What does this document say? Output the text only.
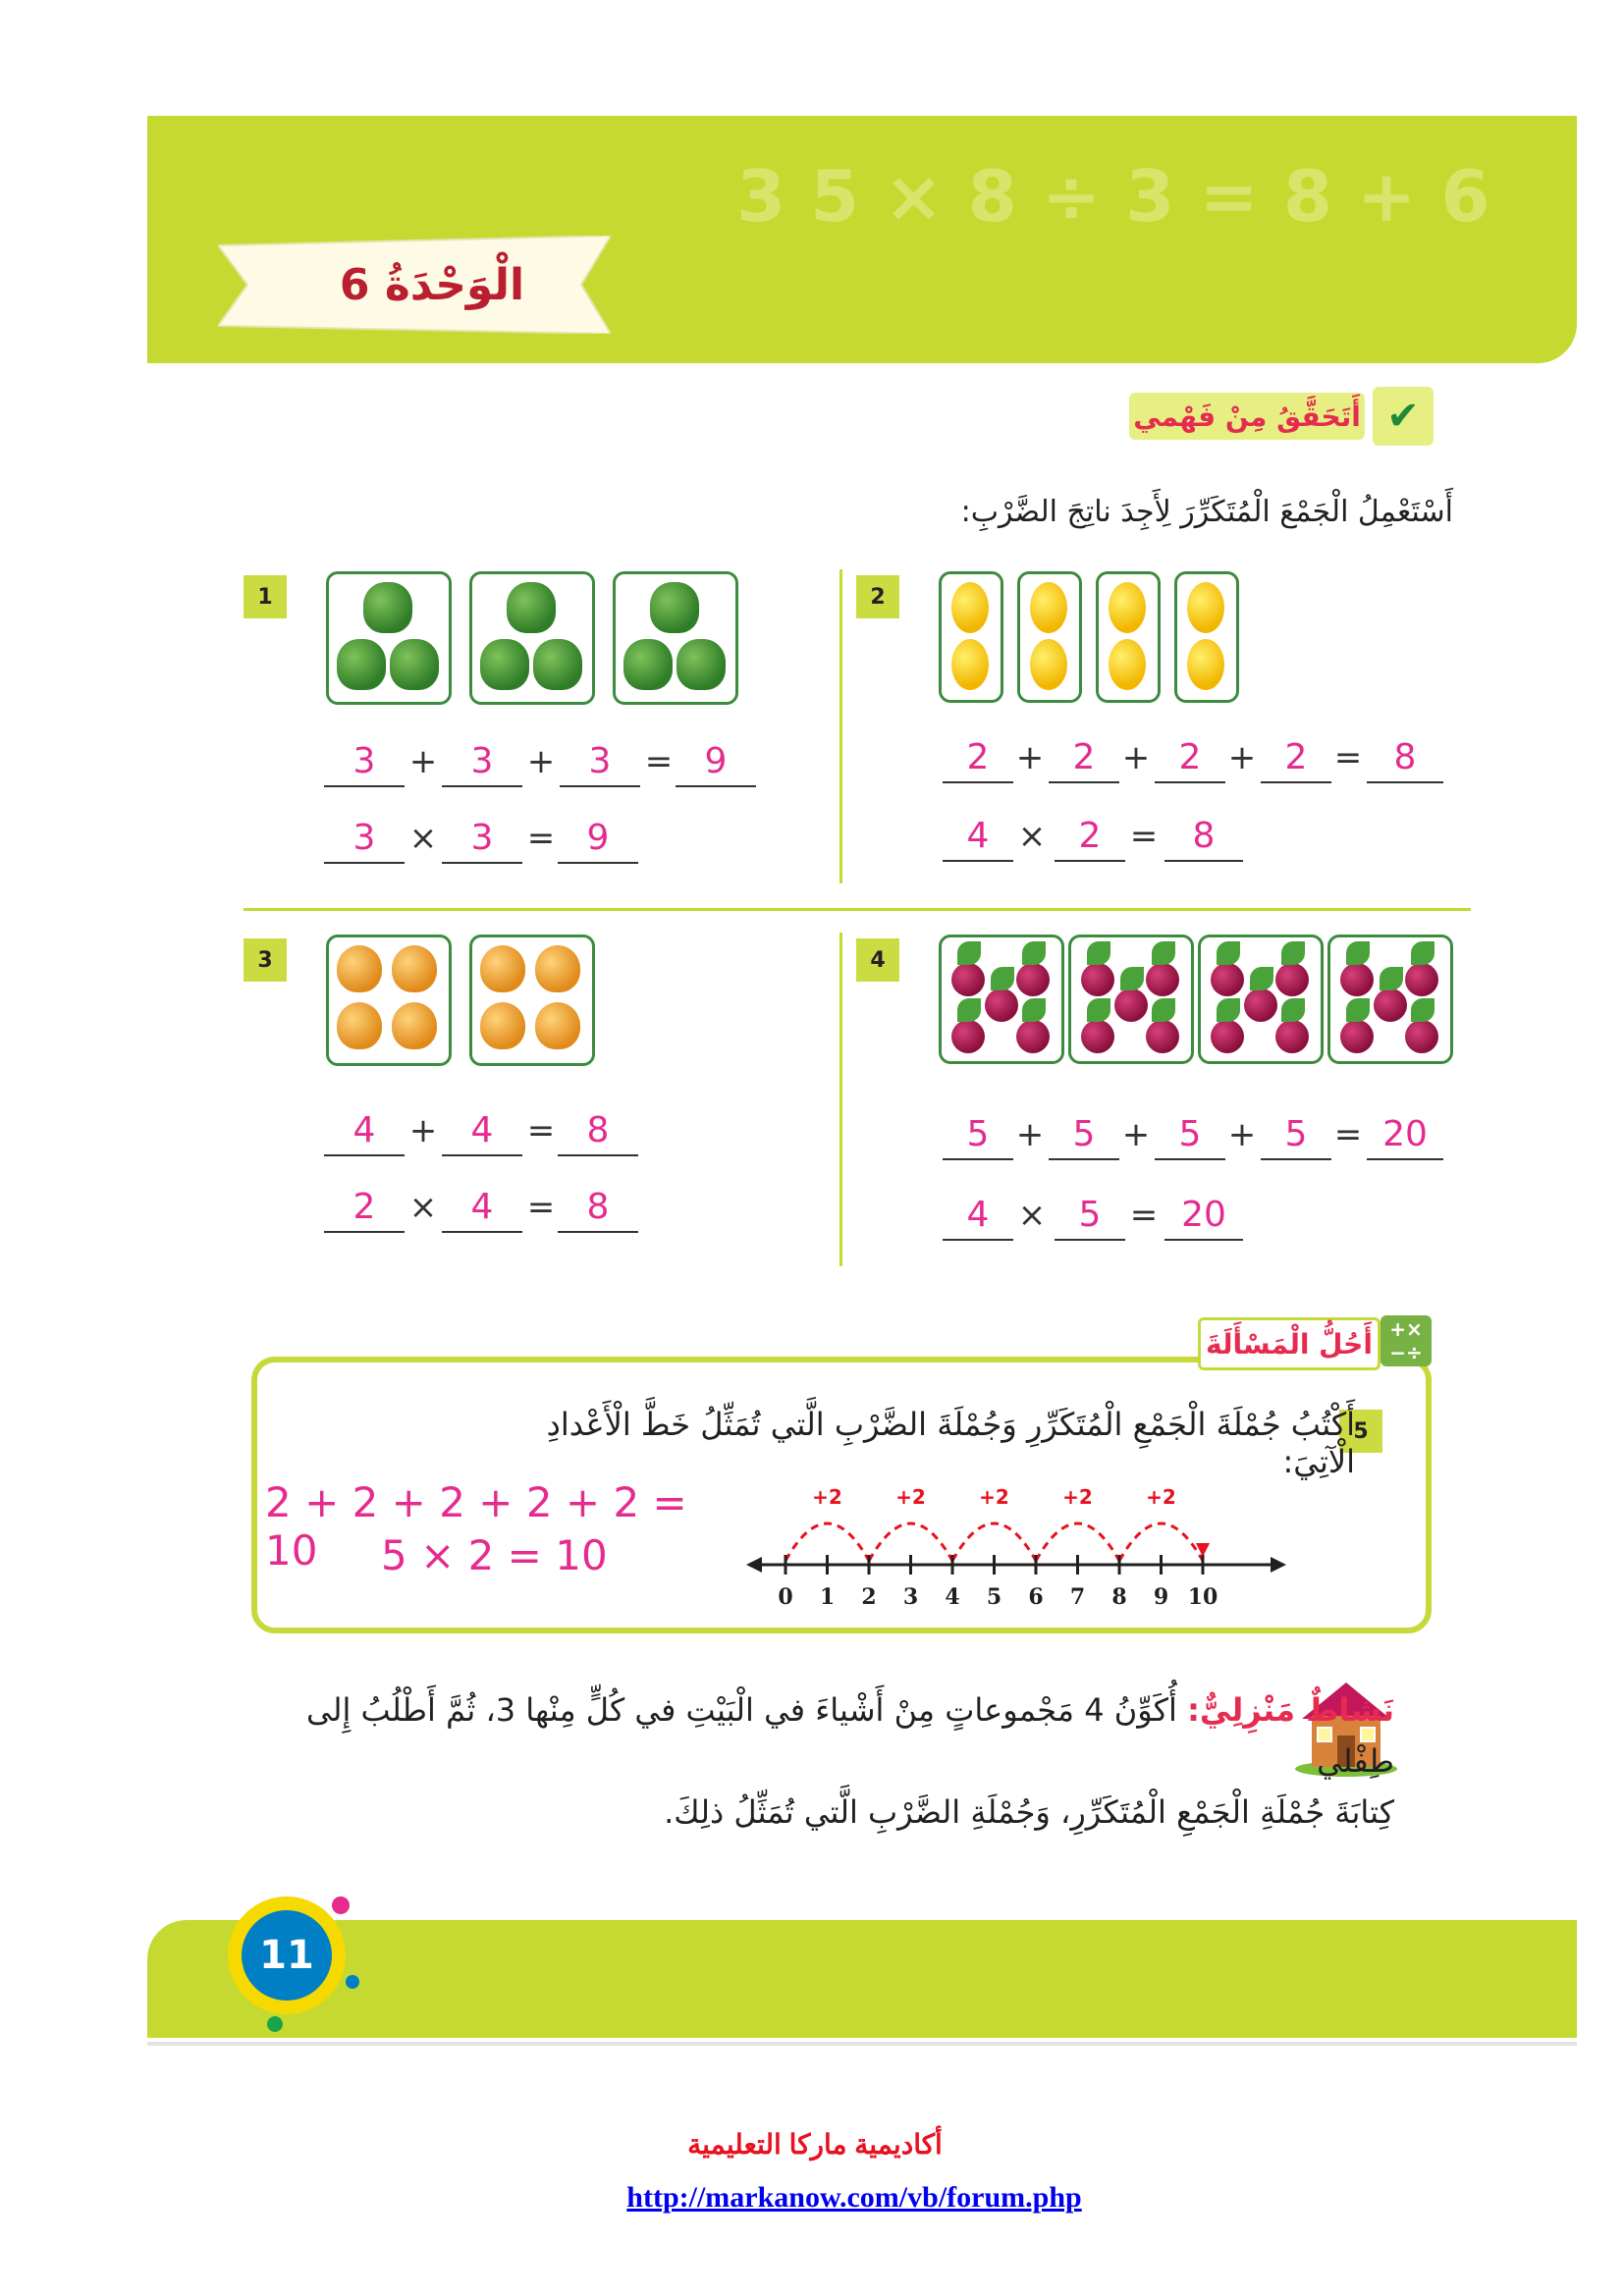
3 5 × 8 ÷ 3 = 8 + 6
الْوَحْدَةُ 6
أَتَحَقَّقُ مِنْ فَهْمي ✔
أَسْتَعْمِلُ الْجَمْعَ الْمُتَكَرِّرَ لِأَجِدَ ناتِجَ الضَّرْبِ:
1
3	+ 3	+ 3	= 9
3	× 3	= 9
2
2 + 2 + 2 + 2 = 8
4 × 2 = 8
3
4	+ 4	= 8
2	× 4	= 8
4
5 + 5 + 5 + 5 = 20
4 × 5 = 20
أَحُلُّ الْمَسْأَلَةَ +×
−÷
5
أَكْتُبُ جُمْلَةَ الْجَمْعِ الْمُتَكَرِّرِ وَجُمْلَةَ الضَّرْبِ الَّتي تُمَثِّلُ خَطَّ الْأَعْدادِ الْآتِيَ:
2 + 2 + 2 + 2 + 2 = 10	5 × 2 = 10
+2	+2	+2	+2	+2
0 1 2 3 4 5 6 7 8 9 10
نَشاطٌ مَنْزِلِيٌّ: أُكَوِّنُ 4 مَجْموعاتٍ مِنْ أَشْياءَ في الْبَيْتِ في كُلٍّ مِنْها 3، ثُمَّ أَطْلُبُ إِلى طِفْلي
كِتابَةَ جُمْلَةِ الْجَمْعِ الْمُتَكَرِّرِ، وَجُمْلَةِ الضَّرْبِ الَّتي تُمَثِّلُ ذلِكَ.
11
أكاديمية ماركا التعليمية
http://markanow.com/vb/forum.php
